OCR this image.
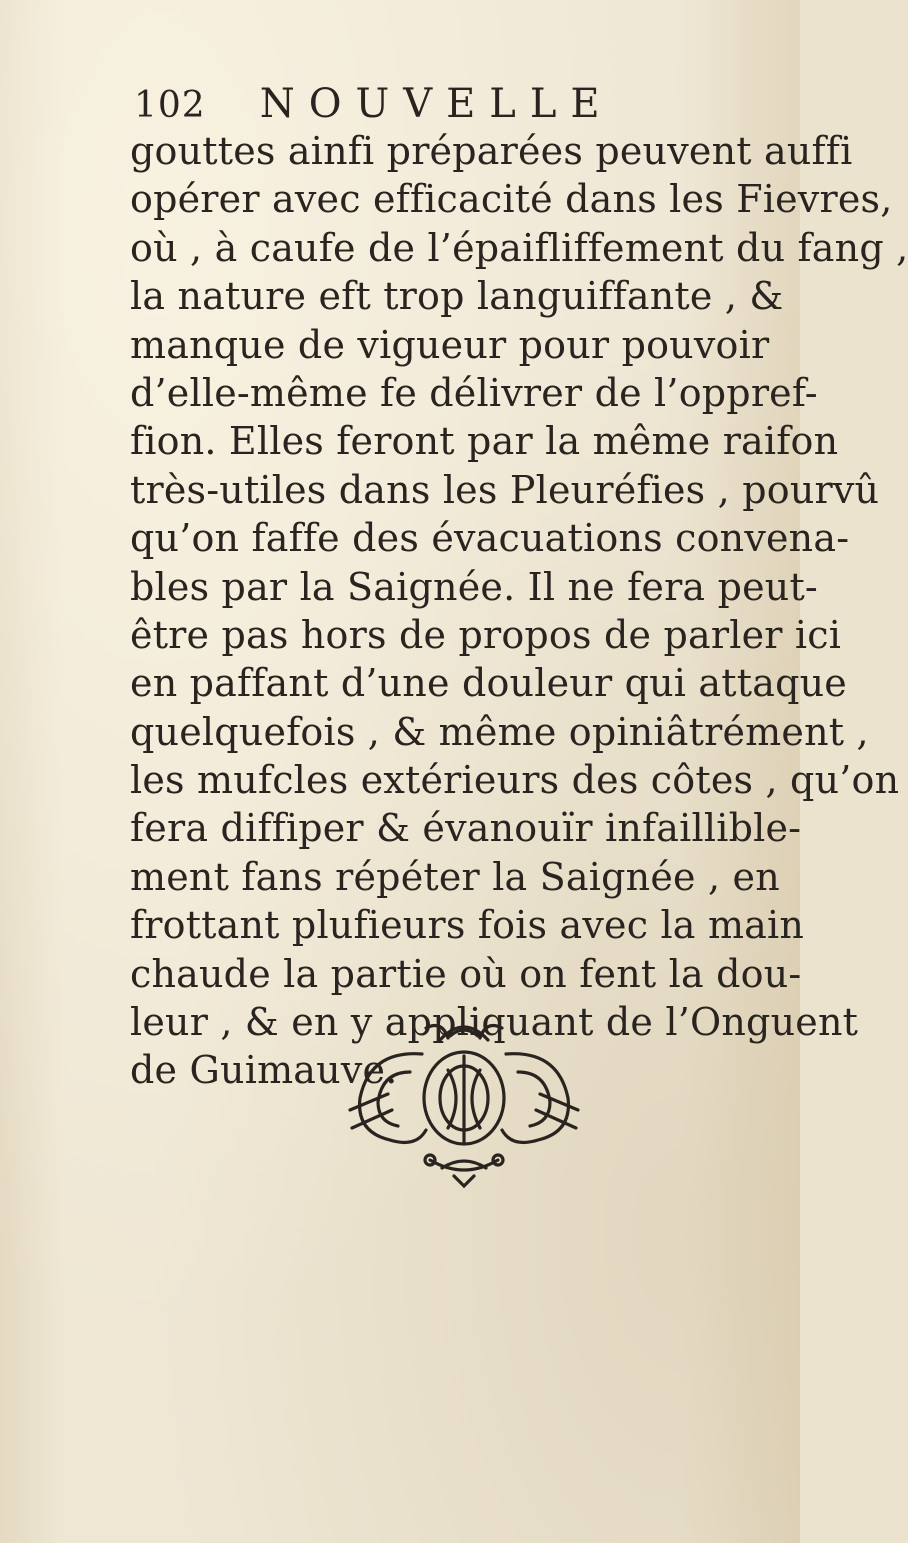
102 NOUVELLE
gouttes ainfi préparées peuvent auffi
opérer avec efficacité dans les Fievres,
où , à caufe de l’épaifliffement du fang ,
la nature eft trop languiffante , &
manque de vigueur pour pouvoir
d’elle-même fe délivrer de l’oppref-
fion. Elles feront par la même raifon
très-utiles dans les Pleuréfies , pourvû
qu’on faffe des évacuations convena-
bles par la Saignée. Il ne fera peut-
être pas hors de propos de parler ici
en paffant d’une douleur qui attaque
quelquefois , & même opiniâtrément ,
les mufcles extérieurs des côtes , qu’on
fera diffiper & évanouïr infaillible-
ment fans répéter la Saignée , en
frottant plufieurs fois avec la main
chaude la partie où on fent la dou-
leur , & en y appliquant de l’Onguent
de Guimauve.
